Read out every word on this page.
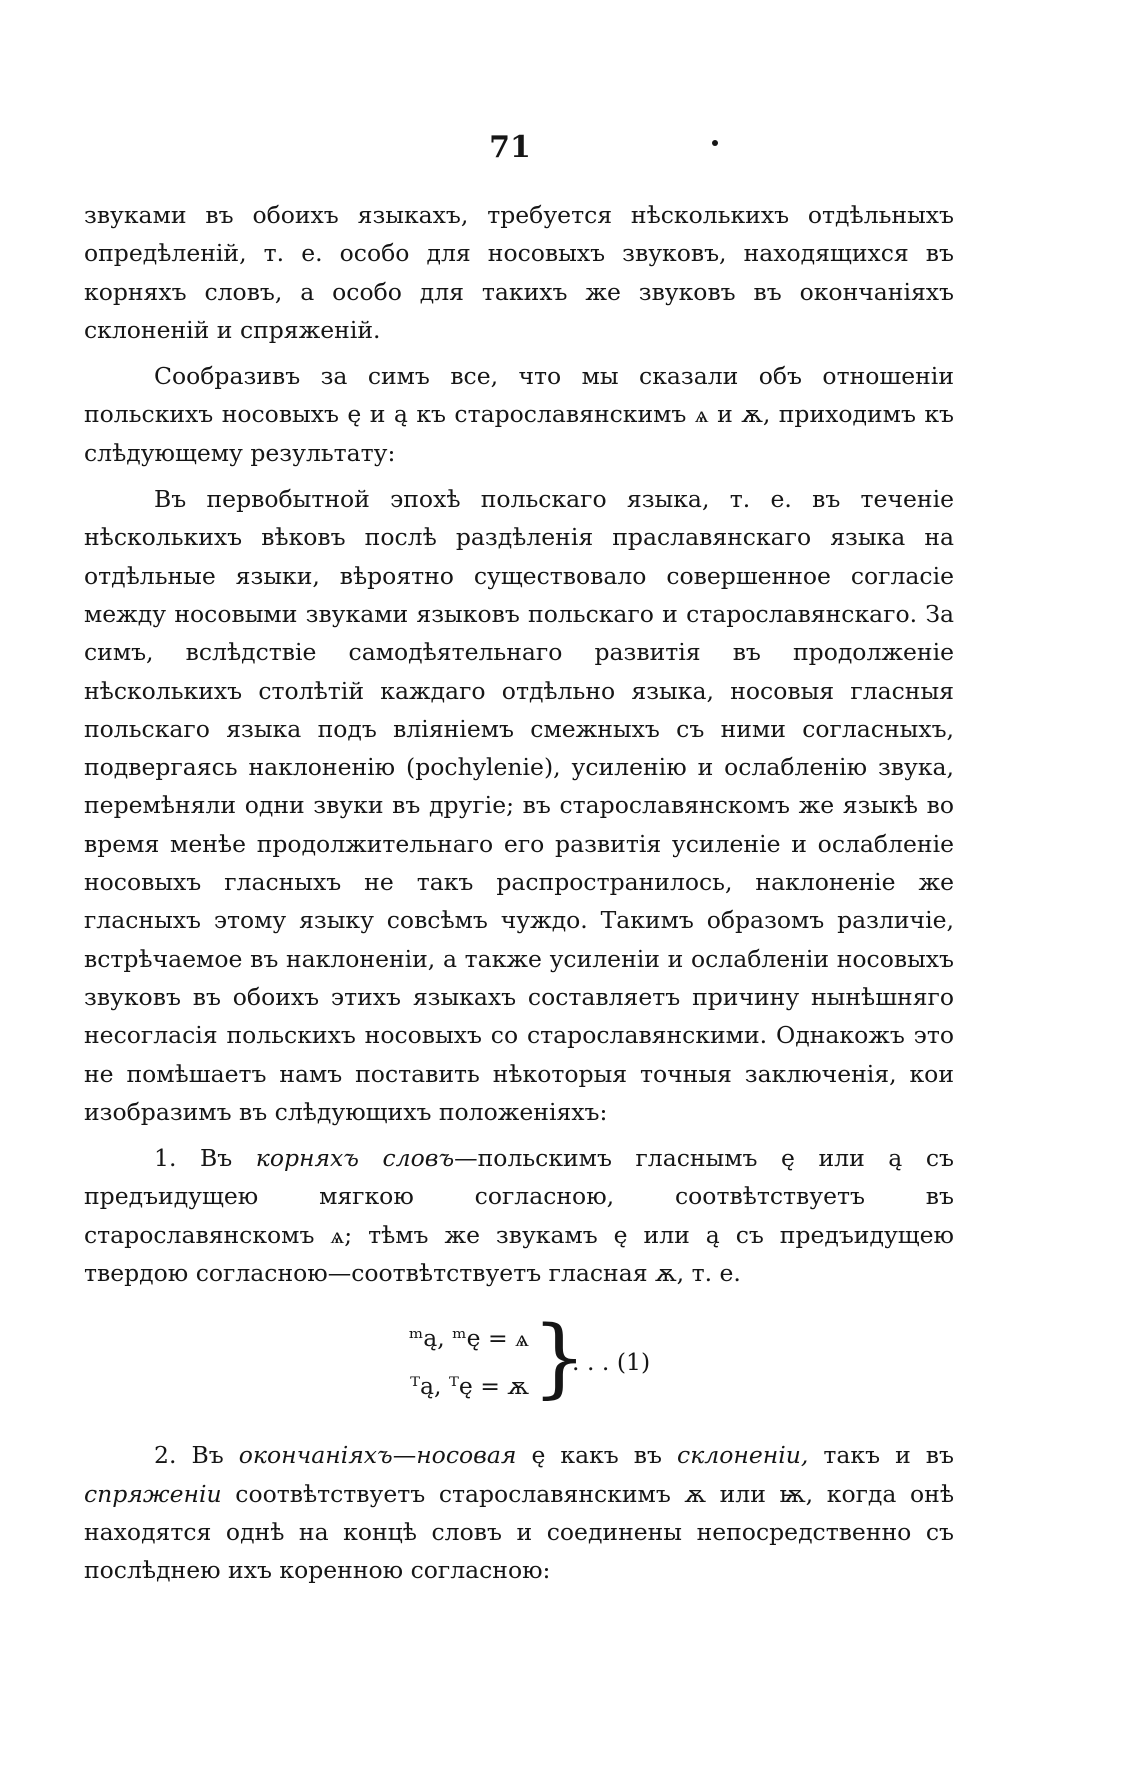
71

звуками въ обоихъ языкахъ, требуется нѣсколькихъ отдѣльныхъ опредѣленій, т. е. особо для носовыхъ звуковъ, находящихся въ корняхъ словъ, а особо для такихъ же звуковъ въ окончаніяхъ склоненій и спряженій.

Сообразивъ за симъ все, что мы сказали объ отношеніи польскихъ носовыхъ ę и ą къ старославянскимъ ѧ и ѫ, приходимъ къ слѣдующему результату:

Въ первобытной эпохѣ польскаго языка, т. е. въ теченіе нѣсколькихъ вѣковъ послѣ раздѣленія праславянскаго языка на отдѣльные языки, вѣроятно существовало совершенное согласіе между носовыми звуками языковъ польскаго и старославянскаго. За симъ, вслѣдствіе самодѣятельнаго развитія въ продолженіе нѣсколькихъ столѣтій каждаго отдѣльно языка, носовыя гласныя польскаго языка подъ вліяніемъ смежныхъ съ ними согласныхъ, подвергаясь наклоненію (pochylenie), усиленію и ослабленію звука, перемѣняли одни звуки въ другіе; въ старославянскомъ же языкѣ во время менѣе продолжительнаго его развитія усиленіе и ослабленіе носовыхъ гласныхъ не такъ распространилось, наклоненіе же гласныхъ этому языку совсѣмъ чуждо. Такимъ образомъ различіе, встрѣчаемое въ наклоненіи, а также усиленіи и ослабленіи носовыхъ звуковъ въ обоихъ этихъ языкахъ составляетъ причину нынѣшняго несогласія польскихъ носовыхъ со старославянскими. Однакожъ это не помѣшаетъ намъ поставить нѣкоторыя точныя заключенія, кои изобразимъ въ слѣдующихъ положеніяхъ:

1. Въ корняхъ словъ—польскимъ гласнымъ ę или ą съ предъидущею мягкою согласною, соотвѣтствуетъ въ старославянскомъ ѧ; тѣмъ же звукамъ ę или ą съ предъидущею твердою согласною—соотвѣтствуетъ гласная ѫ, т. е.

ᵐą, ᵐę = ѧ
ᵀą, ᵀę = ѫ }
. . . (1)

2. Въ окончаніяхъ—носовая ę какъ въ склоненіи, такъ и въ спряженіи соотвѣтствуетъ старославянскимъ ѫ или ѭ, когда онѣ находятся однѣ на концѣ словъ и соединены непосредственно съ послѣднею ихъ коренною согласною:
